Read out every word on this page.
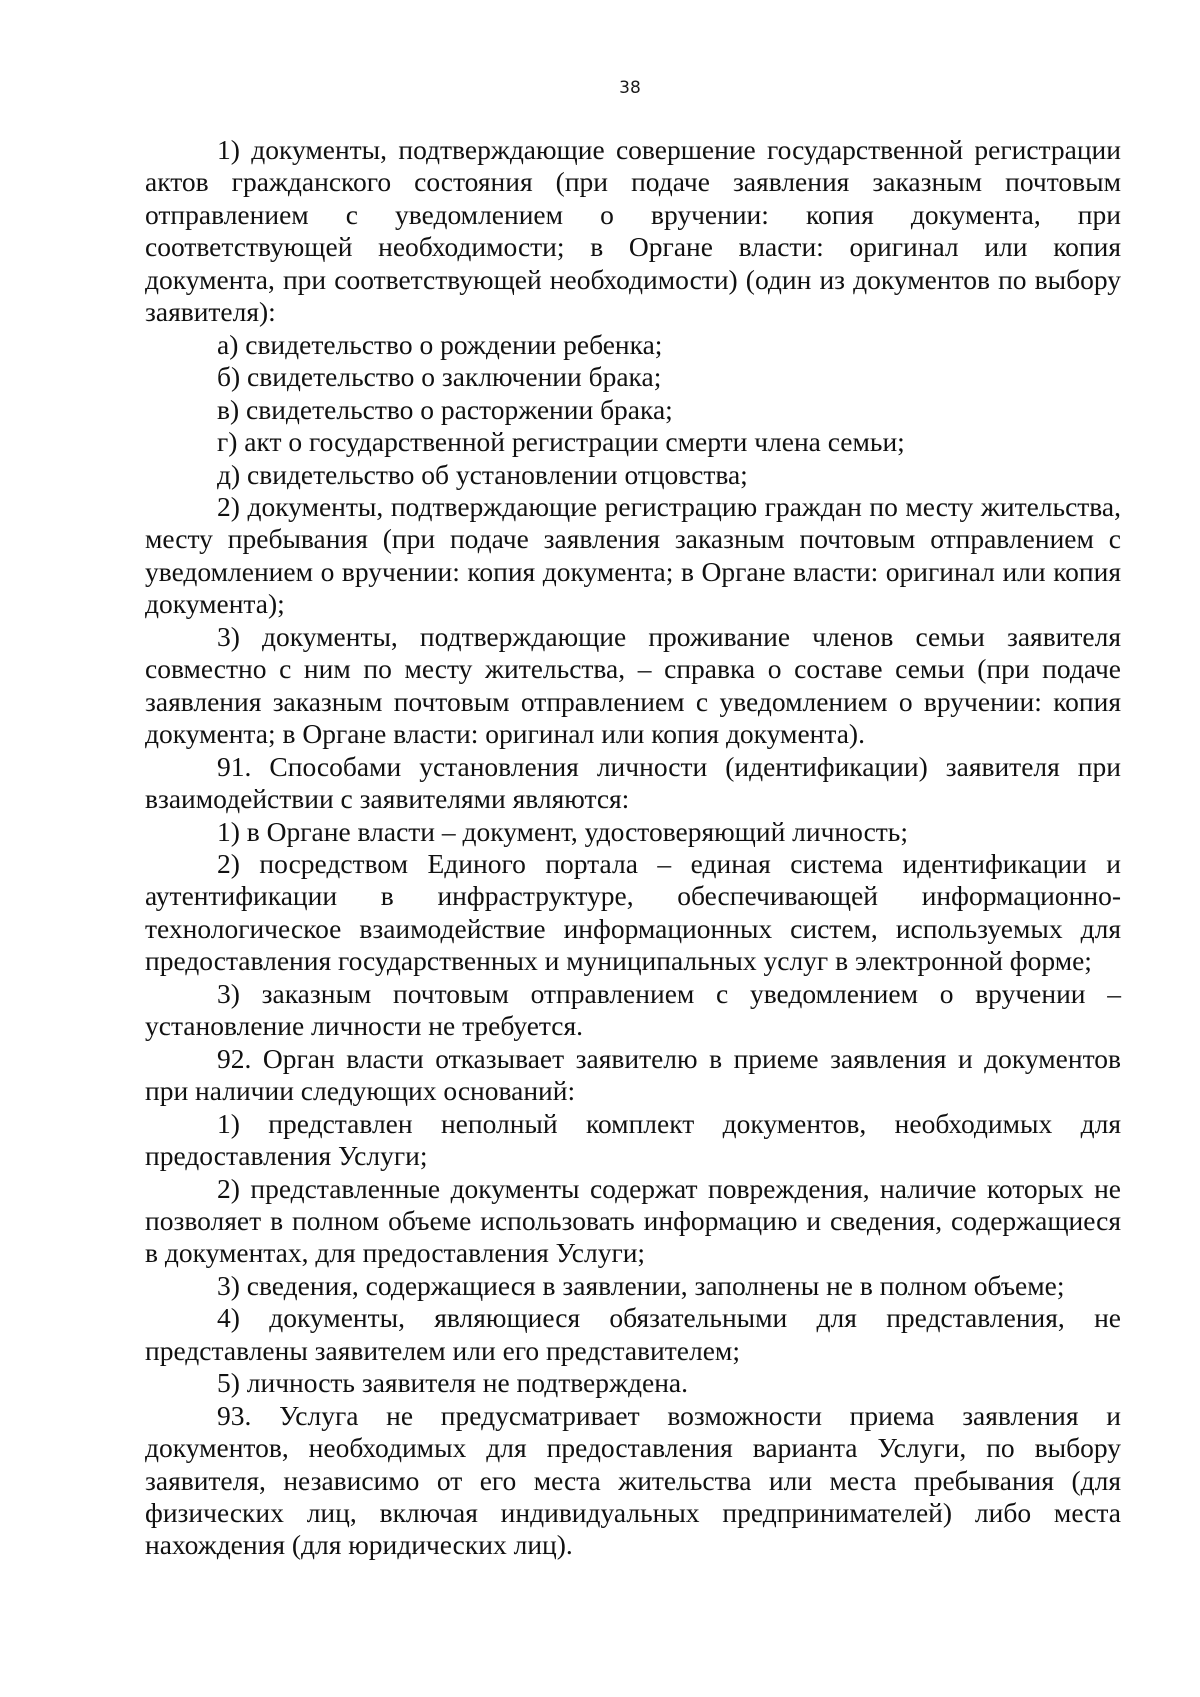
38

1) документы, подтверждающие совершение государственной регистрации актов гражданского состояния (при подаче заявления заказным почтовым отправлением с уведомлением о вручении: копия документа, при соответствующей необходимости; в Органе власти: оригинал или копия документа, при соответствующей необходимости) (один из документов по выбору заявителя):

а) свидетельство о рождении ребенка;

б) свидетельство о заключении брака;

в) свидетельство о расторжении брака;

г) акт о государственной регистрации смерти члена семьи;

д) свидетельство об установлении отцовства;

2) документы, подтверждающие регистрацию граждан по месту жительства, месту пребывания (при подаче заявления заказным почтовым отправлением с уведомлением о вручении: копия документа; в Органе власти: оригинал или копия документа);

3) документы, подтверждающие проживание членов семьи заявителя совместно с ним по месту жительства, – справка о составе семьи (при подаче заявления заказным почтовым отправлением с уведомлением о вручении: копия документа; в Органе власти: оригинал или копия документа).

91. Способами установления личности (идентификации) заявителя при взаимодействии с заявителями являются:

1) в Органе власти – документ, удостоверяющий личность;

2) посредством Единого портала – единая система идентификации и аутентификации в инфраструктуре, обеспечивающей информационно-технологическое взаимодействие информационных систем, используемых для предоставления государственных и муниципальных услуг в электронной форме;

3) заказным почтовым отправлением с уведомлением о вручении – установление личности не требуется.

92. Орган власти отказывает заявителю в приеме заявления и документов при наличии следующих оснований:

1) представлен неполный комплект документов, необходимых для предоставления Услуги;

2) представленные документы содержат повреждения, наличие которых не позволяет в полном объеме использовать информацию и сведения, содержащиеся в документах, для предоставления Услуги;

3) сведения, содержащиеся в заявлении, заполнены не в полном объеме;

4) документы, являющиеся обязательными для представления, не представлены заявителем или его представителем;

5) личность заявителя не подтверждена.

93. Услуга не предусматривает возможности приема заявления и документов, необходимых для предоставления варианта Услуги, по выбору заявителя, независимо от его места жительства или места пребывания (для физических лиц, включая индивидуальных предпринимателей) либо места нахождения (для юридических лиц).
